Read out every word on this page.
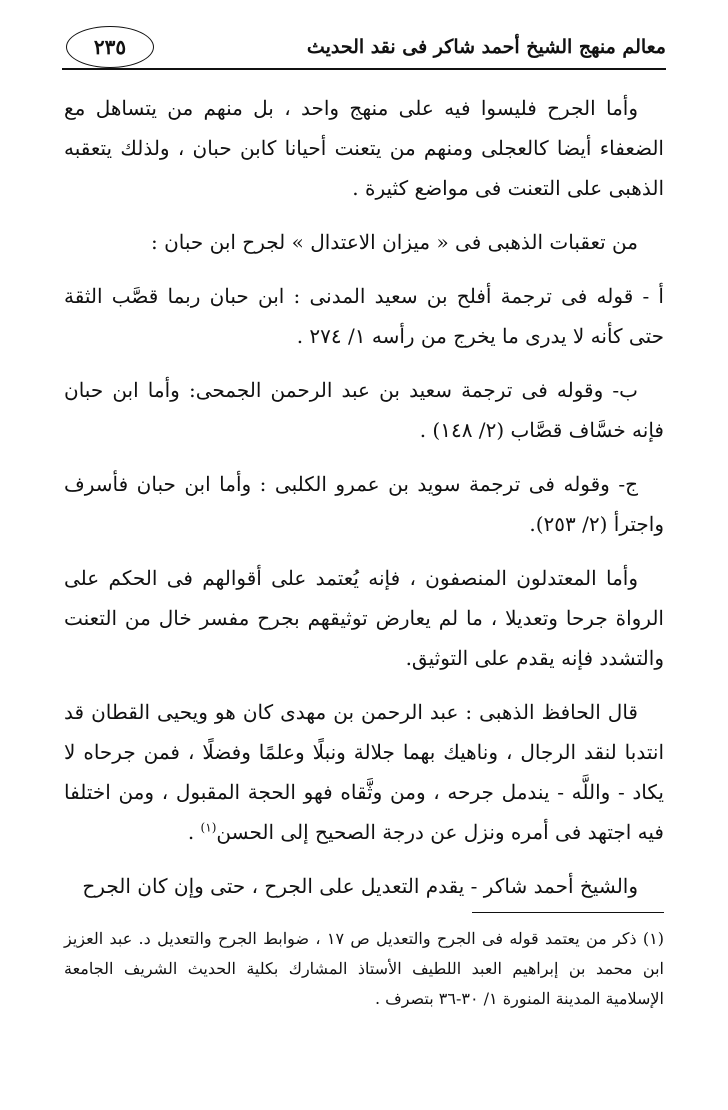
معالم منهج الشيخ أحمد شاكر فى نقد الحديث
٢٣٥

وأما الجرح فليسوا فيه على منهج واحد ، بل منهم من يتساهل مع الضعفاء أيضا كالعجلى ومنهم من يتعنت أحيانا كابن حبان ، ولذلك يتعقبه الذهبى على التعنت فى مواضع كثيرة .

من تعقبات الذهبى فى « ميزان الاعتدال » لجرح ابن حبان :

أ - قوله فى ترجمة أفلح بن سعيد المدنى : ابن حبان ربما قصَّب الثقة حتى كأنه لا يدرى ما يخرج من رأسه ١/ ٢٧٤ .

ب- وقوله فى ترجمة سعيد بن عبد الرحمن الجمحى: وأما ابن حبان فإنه خسَّاف قصَّاب (٢/ ١٤٨) .

ج- وقوله فى ترجمة سويد بن عمرو الكلبى : وأما ابن حبان فأسرف واجترأ (٢/ ٢٥٣).

وأما المعتدلون المنصفون ، فإنه يُعتمد على أقوالهم فى الحكم على الرواة جرحا وتعديلا ، ما لم يعارض توثيقهم بجرح مفسر خال من التعنت والتشدد فإنه يقدم على التوثيق.

قال الحافظ الذهبى : عبد الرحمن بن مهدى كان هو ويحيى القطان قد انتدبا لنقد الرجال ، وناهيك بهما جلالة ونبلًا وعلمًا وفضلًا ، فمن جرحاه لا يكاد - واللَّه - يندمل جرحه ، ومن وثَّقاه فهو الحجة المقبول ، ومن اختلفا فيه اجتهد فى أمره ونزل عن درجة الصحيح إلى الحسن$^{(١)}$ .

والشيخ أحمد شاكر - يقدم التعديل على الجرح ، حتى وإن كان الجرح

(١) ذكر من يعتمد قوله فى الجرح والتعديل ص ١٧ ، ضوابط الجرح والتعديل د. عبد العزيز ابن محمد بن إبراهيم العبد اللطيف الأستاذ المشارك بكلية الحديث الشريف الجامعة الإسلامية المدينة المنورة ١/ ٣٠-٣٦ بتصرف .
